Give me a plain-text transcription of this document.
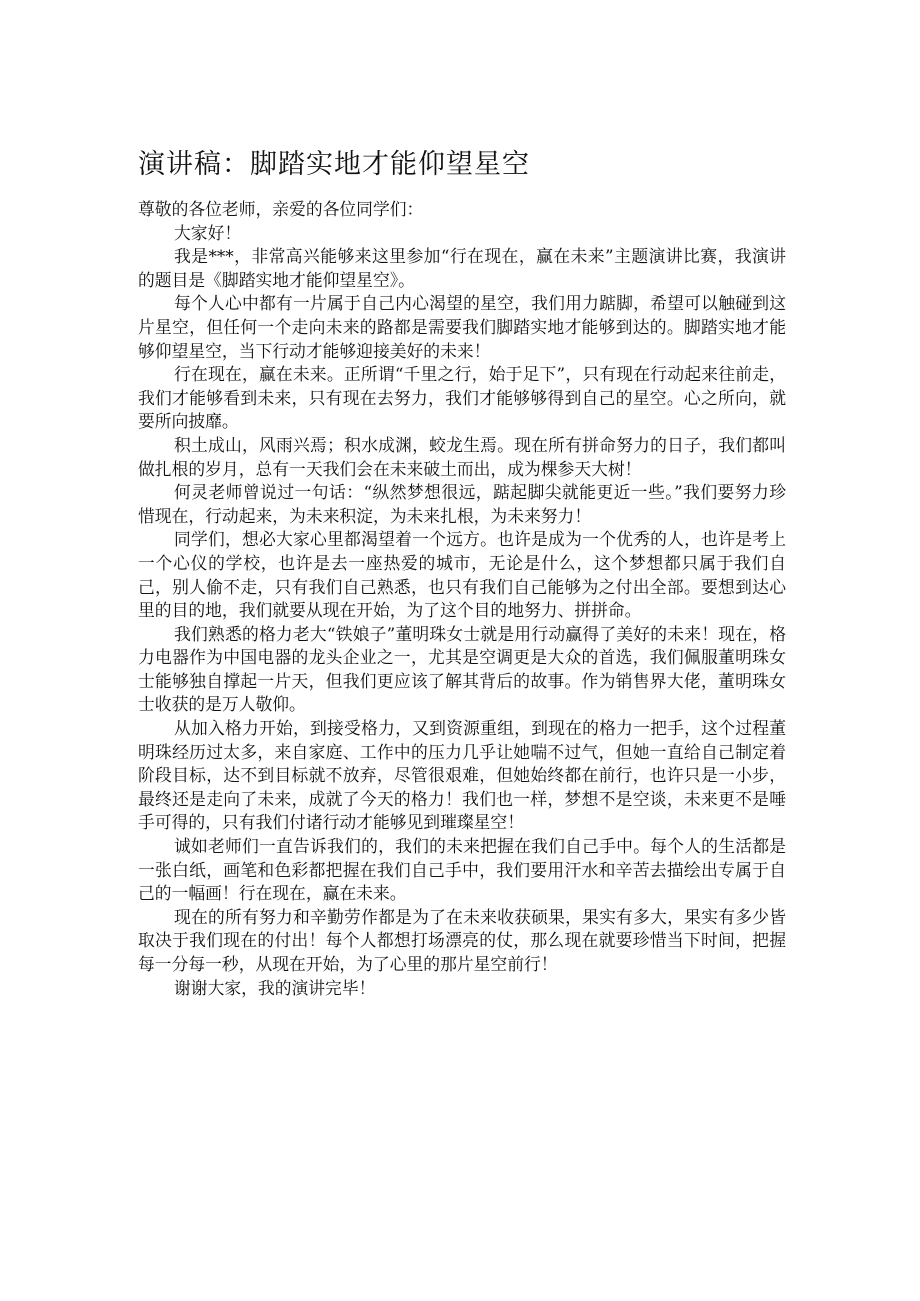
演讲稿：脚踏实地才能仰望星空

尊敬的各位老师，亲爱的各位同学们：

大家好！

我是***，非常高兴能够来这里参加“行在现在，赢在未来”主题演讲比赛，我演讲的题目是《脚踏实地才能仰望星空》。

每个人心中都有一片属于自己内心渴望的星空，我们用力踮脚，希望可以触碰到这片星空，但任何一个走向未来的路都是需要我们脚踏实地才能够到达的。脚踏实地才能够仰望星空，当下行动才能够迎接美好的未来！

行在现在，赢在未来。正所谓“千里之行，始于足下”，只有现在行动起来往前走，我们才能够看到未来，只有现在去努力，我们才能够够得到自己的星空。心之所向，就要所向披靡。

积土成山，风雨兴焉；积水成渊，蛟龙生焉。现在所有拼命努力的日子，我们都叫做扎根的岁月，总有一天我们会在未来破土而出，成为棵参天大树！

何灵老师曾说过一句话：“纵然梦想很远，踮起脚尖就能更近一些。”我们要努力珍惜现在，行动起来，为未来积淀，为未来扎根，为未来努力！

同学们，想必大家心里都渴望着一个远方。也许是成为一个优秀的人，也许是考上一个心仪的学校，也许是去一座热爱的城市，无论是什么，这个梦想都只属于我们自己，别人偷不走，只有我们自己熟悉，也只有我们自己能够为之付出全部。要想到达心里的目的地，我们就要从现在开始，为了这个目的地努力、拼拼命。

我们熟悉的格力老大“铁娘子”董明珠女士就是用行动赢得了美好的未来！现在，格力电器作为中国电器的龙头企业之一，尤其是空调更是大众的首选，我们佩服董明珠女士能够独自撑起一片天，但我们更应该了解其背后的故事。作为销售界大佬，董明珠女士收获的是万人敬仰。

从加入格力开始，到接受格力，又到资源重组，到现在的格力一把手，这个过程董明珠经历过太多，来自家庭、工作中的压力几乎让她喘不过气，但她一直给自己制定着阶段目标，达不到目标就不放弃，尽管很艰难，但她始终都在前行，也许只是一小步，最终还是走向了未来，成就了今天的格力！我们也一样，梦想不是空谈，未来更不是唾手可得的，只有我们付诸行动才能够见到璀璨星空！

诚如老师们一直告诉我们的，我们的未来把握在我们自己手中。每个人的生活都是一张白纸，画笔和色彩都把握在我们自己手中，我们要用汗水和辛苦去描绘出专属于自己的一幅画！行在现在，赢在未来。

现在的所有努力和辛勤劳作都是为了在未来收获硕果，果实有多大，果实有多少皆取决于我们现在的付出！每个人都想打场漂亮的仗，那么现在就要珍惜当下时间，把握每一分每一秒，从现在开始，为了心里的那片星空前行！

谢谢大家，我的演讲完毕！
